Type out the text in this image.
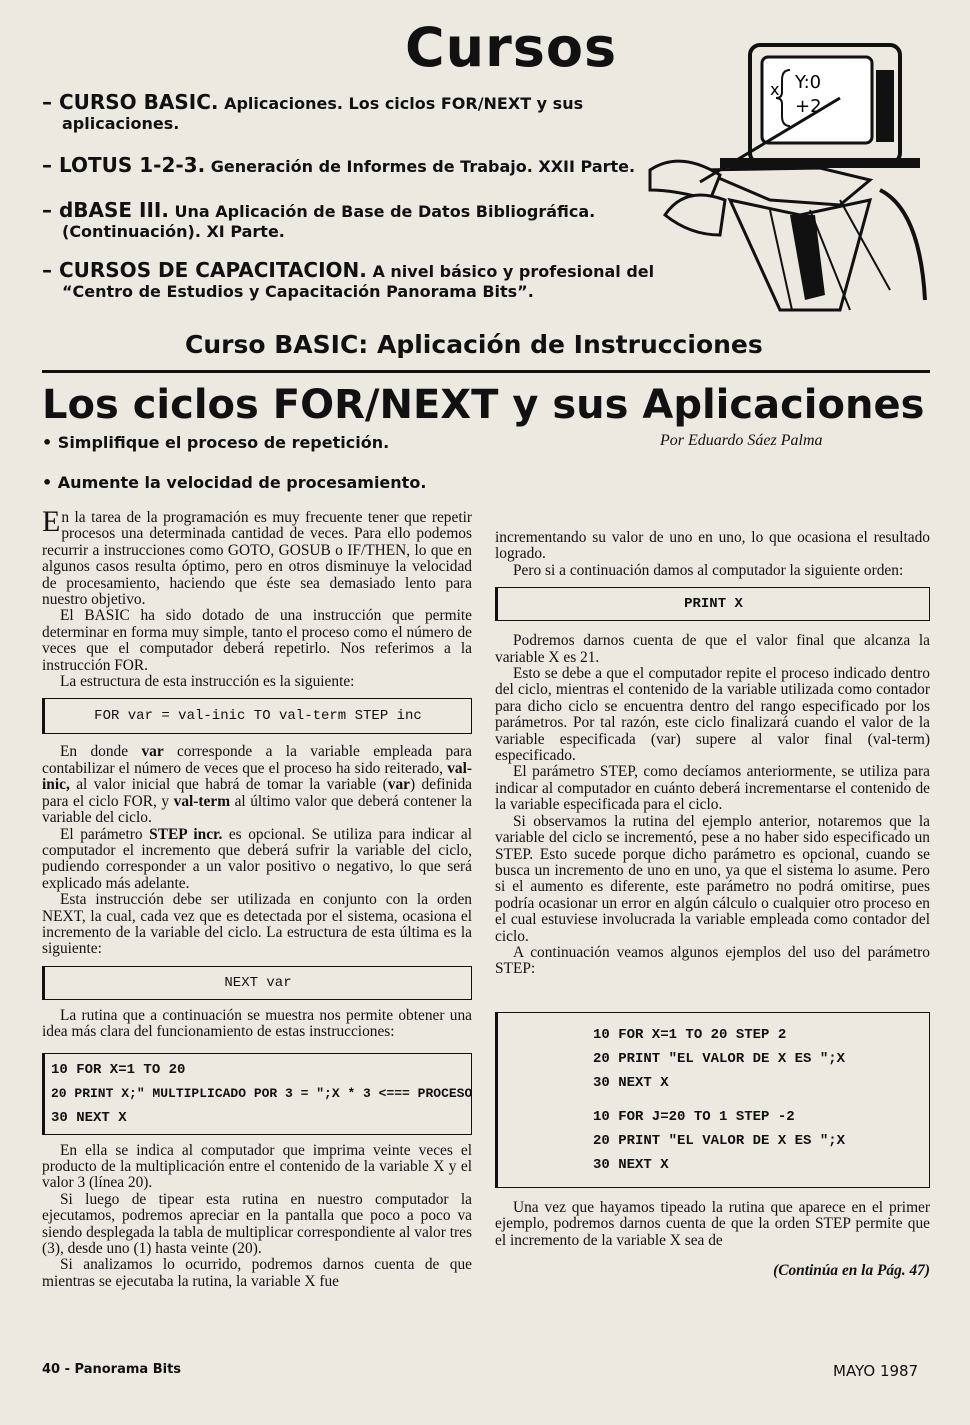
Cursos
– CURSO BASIC. Aplicaciones. Los ciclos FOR/NEXT y sus
aplicaciones.
– LOTUS 1-2-3. Generación de Informes de Trabajo. XXII Parte.
– dBASE III. Una Aplicación de Base de Datos Bibliográfica.
(Continuación). XI Parte.
– CURSOS DE CAPACITACION. A nivel básico y profesional del
“Centro de Estudios y Capacitación Panorama Bits”.
x Y:0
+2
Curso BASIC: Aplicación de Instrucciones
Los ciclos FOR/NEXT y sus Aplicaciones
• Simplifique el proceso de repetición.	Por Eduardo Sáez Palma
• Aumente la velocidad de procesamiento.

En la tarea de la programación es muy frecuente tener que repetir procesos una determinada cantidad de veces. Para ello podemos recurrir a instrucciones como GOTO, GOSUB o IF/THEN, lo que en algunos casos resulta óptimo, pero en otros disminuye la velocidad de procesamiento, haciendo que éste sea demasiado lento para nuestro objetivo.

El BASIC ha sido dotado de una instrucción que permite determinar en forma muy simple, tanto el proceso como el número de veces que el computador deberá repetirlo. Nos referimos a la instrucción FOR.

La estructura de esta instrucción es la siguiente:

FOR var = val-inic TO val-term STEP inc

En donde var corresponde a la variable empleada para contabilizar el número de veces que el proceso ha sido reiterado, val-inic, al valor inicial que habrá de tomar la variable (var) definida para el ciclo FOR, y val-term al último valor que deberá contener la variable del ciclo.

El parámetro STEP incr. es opcional. Se utiliza para indicar al computador el incremento que deberá sufrir la variable del ciclo, pudiendo corresponder a un valor positivo o negativo, lo que será explicado más adelante.

Esta instrucción debe ser utilizada en conjunto con la orden NEXT, la cual, cada vez que es detectada por el sistema, ocasiona el incremento de la variable del ciclo. La estructura de esta última es la siguiente:

NEXT var

La rutina que a continuación se muestra nos permite obtener una idea más clara del funcionamiento de estas instrucciones:

10 FOR X=1 TO 20
20 PRINT X;" MULTIPLICADO POR 3 = ";X * 3 <=== PROCESO
30 NEXT X

En ella se indica al computador que imprima veinte veces el producto de la multiplicación entre el contenido de la variable X y el valor 3 (línea 20).

Si luego de tipear esta rutina en nuestro computador la ejecutamos, podremos apreciar en la pantalla que poco a poco va siendo desplegada la tabla de multiplicar correspondiente al valor tres (3), desde uno (1) hasta veinte (20).

Si analizamos lo ocurrido, podremos darnos cuenta de que mientras se ejecutaba la rutina, la variable X fue

incrementando su valor de uno en uno, lo que ocasiona el resultado logrado.

Pero si a continuación damos al computador la siguiente orden:

PRINT X

Podremos darnos cuenta de que el valor final que alcanza la variable X es 21.

Esto se debe a que el computador repite el proceso indicado dentro del ciclo, mientras el contenido de la variable utilizada como contador para dicho ciclo se encuentra dentro del rango especificado por los parámetros. Por tal razón, este ciclo finalizará cuando el valor de la variable especificada (var) supere al valor final (val-term) especificado.

El parámetro STEP, como decíamos anteriormente, se utiliza para indicar al computador en cuánto deberá incrementarse el contenido de la variable especificada para el ciclo.

Si observamos la rutina del ejemplo anterior, notaremos que la variable del ciclo se incrementó, pese a no haber sido especificado un STEP. Esto sucede porque dicho parámetro es opcional, cuando se busca un incremento de uno en uno, ya que el sistema lo asume. Pero si el aumento es diferente, este parámetro no podrá omitirse, pues podría ocasionar un error en algún cálculo o cualquier otro proceso en el cual estuviese involucrada la variable empleada como contador del ciclo.

A continuación veamos algunos ejemplos del uso del parámetro STEP:

10 FOR X=1 TO 20 STEP 2
20 PRINT "EL VALOR DE X ES ";X
30 NEXT X
10 FOR J=20 TO 1 STEP -2
20 PRINT "EL VALOR DE X ES ";X
30 NEXT X

Una vez que hayamos tipeado la rutina que aparece en el primer ejemplo, podremos darnos cuenta de que la orden STEP permite que el incremento de la variable X sea de

(Continúa en la Pág. 47)
40 - Panorama Bits	MAYO 1987
